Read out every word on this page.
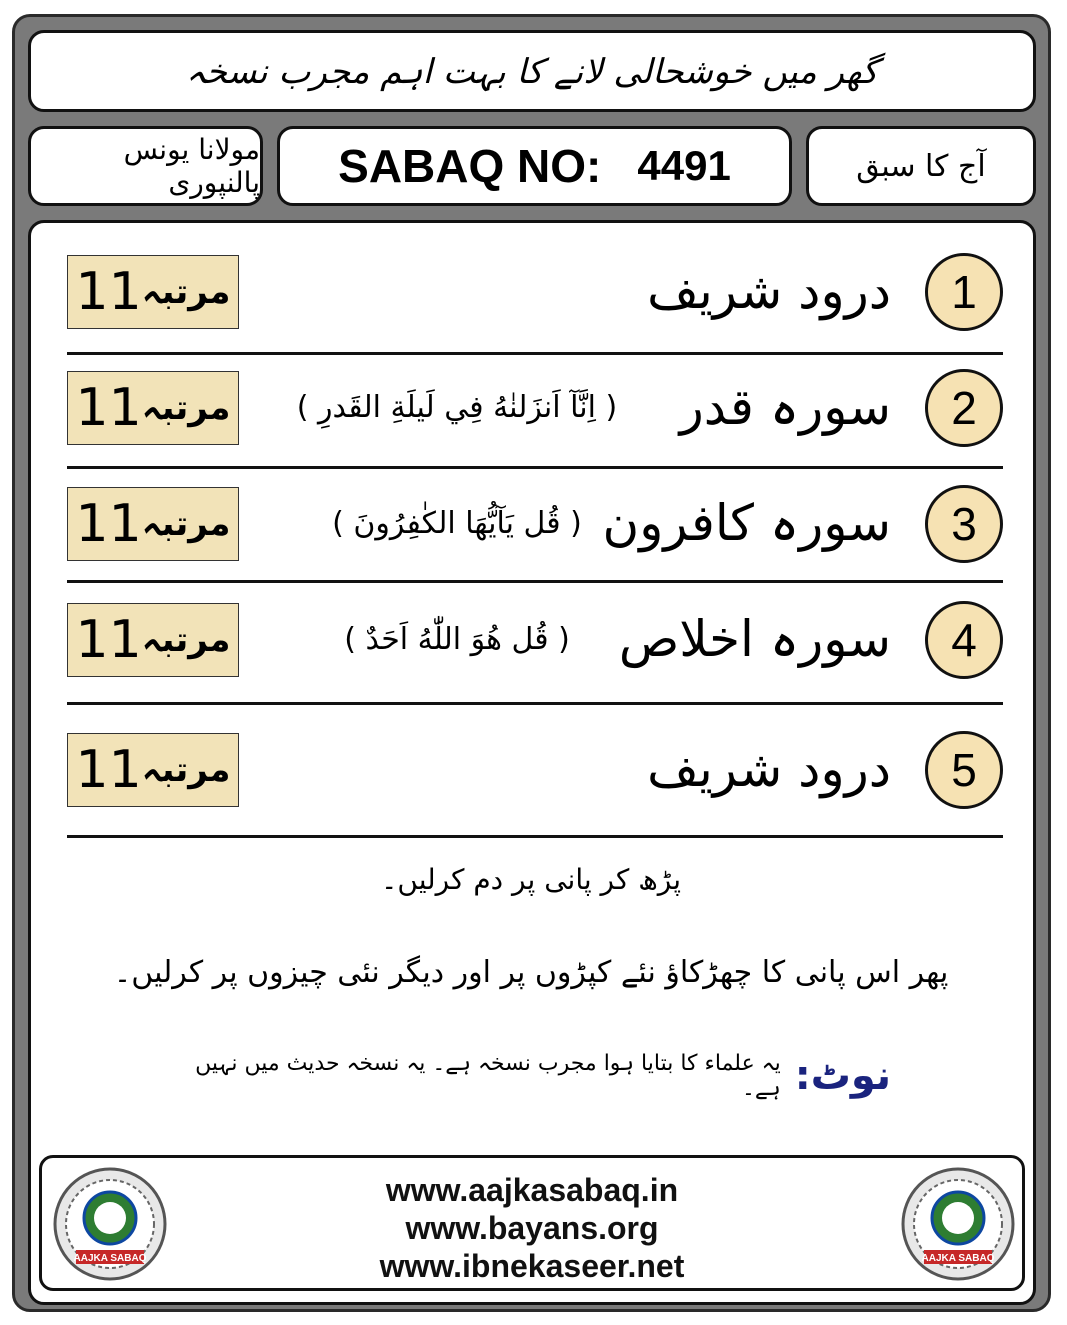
گھر میں خوشحالی لانے کا بہت اہم مجرب نسخہ
مولانا یونس پالنپوری SABAQ NO: 4491	آج کا سبق
11 مرتبہ	درود شریف	1
11 مرتبہ	( اِنَّآ اَنزَلنٰهُ فِي لَيلَةِ القَدرِ )	سورہ قدر	2
11 مرتبہ	( قُل يَآيُّهَا الكٰفِرُونَ ) سورہ کافرون	3
11 مرتبہ	( قُل هُوَ اللّٰهُ اَحَدٌ ) سورہ اخلاص	4
11 مرتبہ	درود شریف	5
پڑھ کر پانی پر دم کرلیں۔
پھر اس پانی کا چھڑکاؤ نئے کپڑوں پر اور دیگر نئی چیزوں پر کرلیں۔
نوٹ:
یہ علماء کا بتایا ہوا مجرب نسخہ ہے۔ یہ نسخہ حدیث میں نہیں ہے۔
AAJKA SABAQ
www.aajkasabaq.in
www.bayans.org
www.ibnekaseer.net	AAJKA SABAQ
